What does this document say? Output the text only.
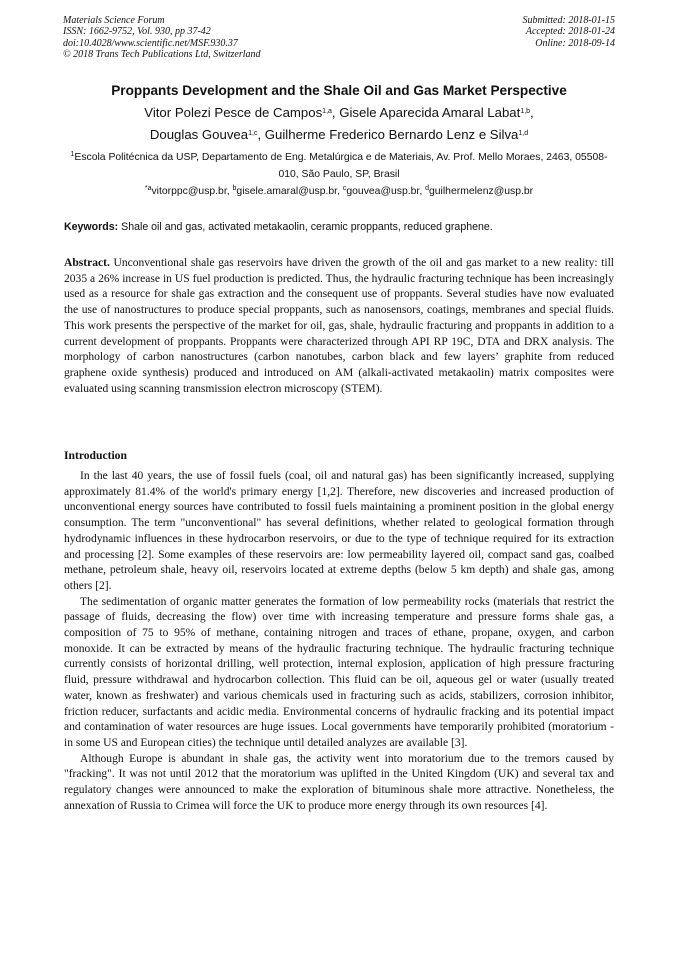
Materials Science Forum
ISSN: 1662-9752, Vol. 930, pp 37-42
doi:10.4028/www.scientific.net/MSF.930.37
© 2018 Trans Tech Publications Ltd, Switzerland
Submitted: 2018-01-15
Accepted: 2018-01-24
Online: 2018-09-14
Proppants Development and the Shale Oil and Gas Market Perspective
Vitor Polezi Pesce de Campos$^{1,a}$, Gisele Aparecida Amaral Labat$^{1,b}$,
Douglas Gouvea$^{1,c}$, Guilherme Frederico Bernardo Lenz e Silva$^{1,d}$
$^1$Escola Politécnica da USP, Departamento de Eng. Metalúrgica e de Materiais, Av. Prof. Mello Moraes, 2463, 05508-010, São Paulo, SP, Brasil
$^{*a}$vitorppc@usp.br, $^b$gisele.amaral@usp.br, $^c$gouvea@usp.br, $^d$guilhermelenz@usp.br
Keywords: Shale oil and gas, activated metakaolin, ceramic proppants, reduced graphene.
Abstract. Unconventional shale gas reservoirs have driven the growth of the oil and gas market to a new reality: till 2035 a 26% increase in US fuel production is predicted. Thus, the hydraulic fracturing technique has been increasingly used as a resource for shale gas extraction and the consequent use of proppants. Several studies have now evaluated the use of nanostructures to produce special proppants, such as nanosensors, coatings, membranes and special fluids. This work presents the perspective of the market for oil, gas, shale, hydraulic fracturing and proppants in addition to a current development of proppants. Proppants were characterized through API RP 19C, DTA and DRX analysis. The morphology of carbon nanostructures (carbon nanotubes, carbon black and few layers’ graphite from reduced graphene oxide synthesis) produced and introduced on AM (alkali-activated metakaolin) matrix composites were evaluated using scanning transmission electron microscopy (STEM).
Introduction

In the last 40 years, the use of fossil fuels (coal, oil and natural gas) has been significantly increased, supplying approximately 81.4% of the world's primary energy [1,2]. Therefore, new discoveries and increased production of unconventional energy sources have contributed to fossil fuels maintaining a prominent position in the global energy consumption. The term "unconventional" has several definitions, whether related to geological formation through hydrodynamic influences in these hydrocarbon reservoirs, or due to the type of technique required for its extraction and processing [2]. Some examples of these reservoirs are: low permeability layered oil, compact sand gas, coalbed methane, petroleum shale, heavy oil, reservoirs located at extreme depths (below 5 km depth) and shale gas, among others [2].

The sedimentation of organic matter generates the formation of low permeability rocks (materials that restrict the passage of fluids, decreasing the flow) over time with increasing temperature and pressure forms shale gas, a composition of 75 to 95% of methane, containing nitrogen and traces of ethane, propane, oxygen, and carbon monoxide. It can be extracted by means of the hydraulic fracturing technique. The hydraulic fracturing technique currently consists of horizontal drilling, well protection, internal explosion, application of high pressure fracturing fluid, pressure withdrawal and hydrocarbon collection. This fluid can be oil, aqueous gel or water (usually treated water, known as freshwater) and various chemicals used in fracturing such as acids, stabilizers, corrosion inhibitor, friction reducer, surfactants and acidic media. Environmental concerns of hydraulic fracking and its potential impact and contamination of water resources are huge issues. Local governments have temporarily prohibited (moratorium - in some US and European cities) the technique until detailed analyzes are available [3].

Although Europe is abundant in shale gas, the activity went into moratorium due to the tremors caused by "fracking". It was not until 2012 that the moratorium was uplifted in the United Kingdom (UK) and several tax and regulatory changes were announced to make the exploration of bituminous shale more attractive. Nonetheless, the annexation of Russia to Crimea will force the UK to produce more energy through its own resources [4].
